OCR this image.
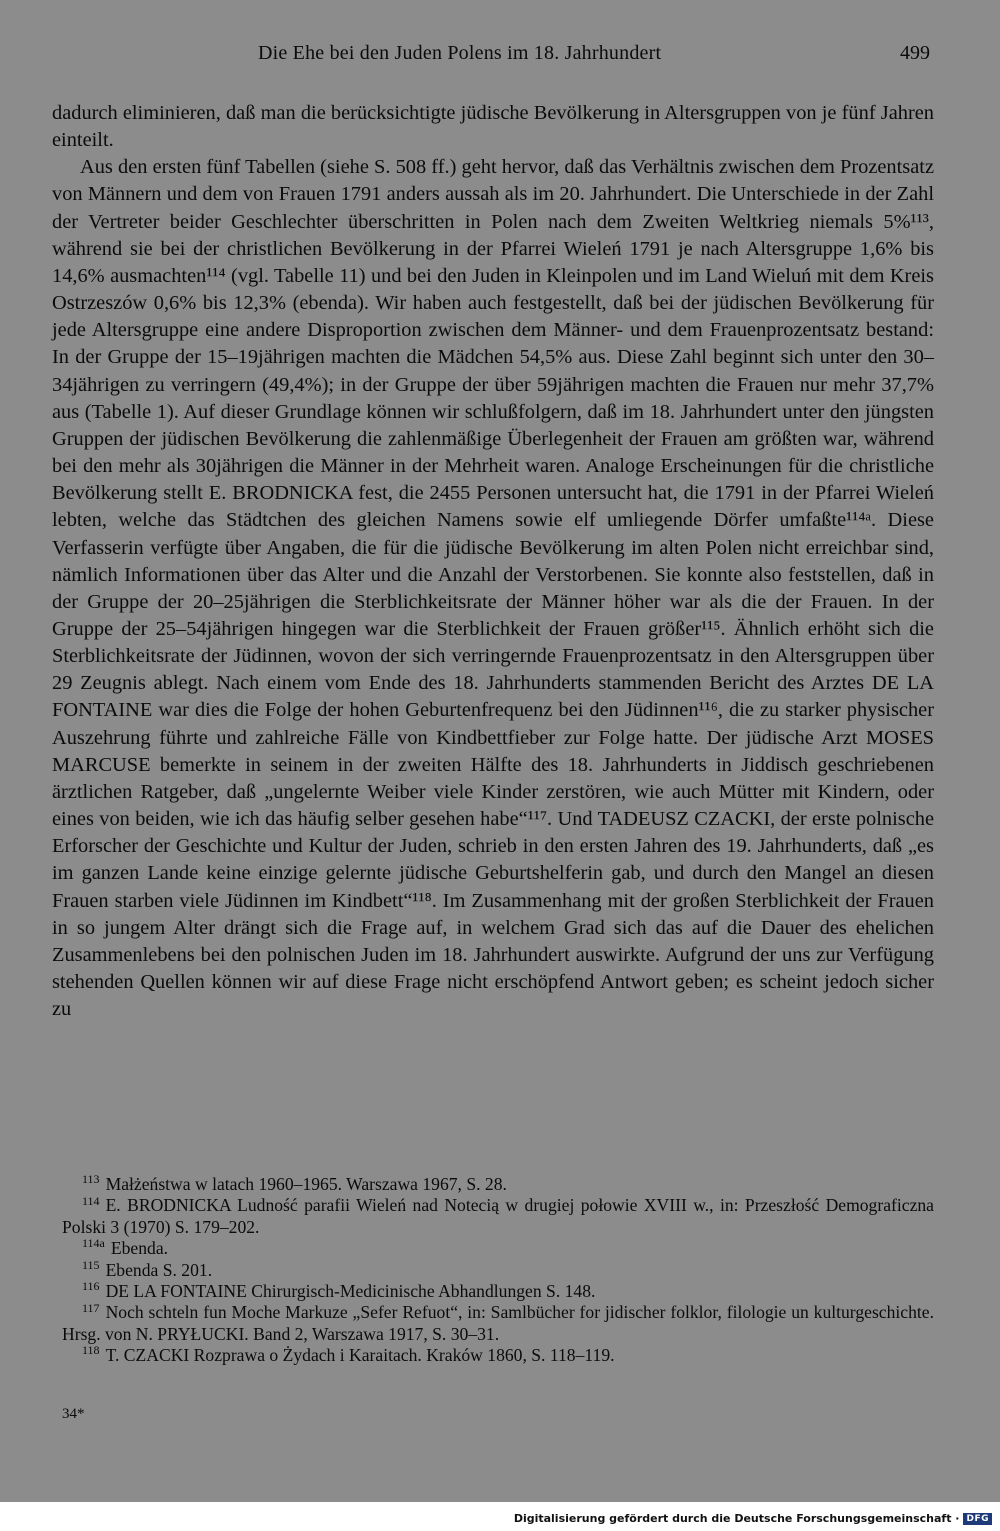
Die Ehe bei den Juden Polens im 18. Jahrhundert	499

dadurch eliminieren, daß man die berücksichtigte jüdische Bevölkerung in Altersgruppen von je fünf Jahren einteilt.

Aus den ersten fünf Tabellen (siehe S. 508 ff.) geht hervor, daß das Verhältnis zwischen dem Prozentsatz von Männern und dem von Frauen 1791 anders aussah als im 20. Jahrhundert. Die Unterschiede in der Zahl der Vertreter beider Geschlechter überschritten in Polen nach dem Zweiten Weltkrieg niemals 5%¹¹³, während sie bei der christlichen Bevölkerung in der Pfarrei Wieleń 1791 je nach Altersgruppe 1,6% bis 14,6% ausmachten¹¹⁴ (vgl. Tabelle 11) und bei den Juden in Kleinpolen und im Land Wieluń mit dem Kreis Ostrzeszów 0,6% bis 12,3% (ebenda). Wir haben auch festgestellt, daß bei der jüdischen Bevölkerung für jede Altersgruppe eine andere Disproportion zwischen dem Männer- und dem Frauenprozentsatz bestand: In der Gruppe der 15–19jährigen machten die Mädchen 54,5% aus. Diese Zahl beginnt sich unter den 30–34jährigen zu verringern (49,4%); in der Gruppe der über 59jährigen machten die Frauen nur mehr 37,7% aus (Tabelle 1). Auf dieser Grundlage können wir schlußfolgern, daß im 18. Jahrhundert unter den jüngsten Gruppen der jüdischen Bevölkerung die zahlenmäßige Überlegenheit der Frauen am größten war, während bei den mehr als 30jährigen die Männer in der Mehrheit waren. Analoge Erscheinungen für die christliche Bevölkerung stellt E. BRODNICKA fest, die 2455 Personen untersucht hat, die 1791 in der Pfarrei Wieleń lebten, welche das Städtchen des gleichen Namens sowie elf umliegende Dörfer umfaßte¹¹⁴ᵃ. Diese Verfasserin verfügte über Angaben, die für die jüdische Bevölkerung im alten Polen nicht erreichbar sind, nämlich Informationen über das Alter und die Anzahl der Verstorbenen. Sie konnte also feststellen, daß in der Gruppe der 20–25jährigen die Sterblichkeitsrate der Männer höher war als die der Frauen. In der Gruppe der 25–54jährigen hingegen war die Sterblichkeit der Frauen größer¹¹⁵. Ähnlich erhöht sich die Sterblichkeitsrate der Jüdinnen, wovon der sich verringernde Frauenprozentsatz in den Altersgruppen über 29 Zeugnis ablegt. Nach einem vom Ende des 18. Jahrhunderts stammenden Bericht des Arztes DE LA FONTAINE war dies die Folge der hohen Geburtenfrequenz bei den Jüdinnen¹¹⁶, die zu starker physischer Auszehrung führte und zahlreiche Fälle von Kindbettfieber zur Folge hatte. Der jüdische Arzt MOSES MARCUSE bemerkte in seinem in der zweiten Hälfte des 18. Jahrhunderts in Jiddisch geschriebenen ärztlichen Ratgeber, daß „ungelernte Weiber viele Kinder zerstören, wie auch Mütter mit Kindern, oder eines von beiden, wie ich das häufig selber gesehen habe“¹¹⁷. Und TADEUSZ CZACKI, der erste polnische Erforscher der Geschichte und Kultur der Juden, schrieb in den ersten Jahren des 19. Jahrhunderts, daß „es im ganzen Lande keine einzige gelernte jüdische Geburtshelferin gab, und durch den Mangel an diesen Frauen starben viele Jüdinnen im Kindbett“¹¹⁸. Im Zusammenhang mit der großen Sterblichkeit der Frauen in so jungem Alter drängt sich die Frage auf, in welchem Grad sich das auf die Dauer des ehelichen Zusammenlebens bei den polnischen Juden im 18. Jahrhundert auswirkte. Aufgrund der uns zur Verfügung stehenden Quellen können wir auf diese Frage nicht erschöpfend Antwort geben; es scheint jedoch sicher zu

$^{113}$ Małżeństwa w latach 1960–1965. Warszawa 1967, S. 28.

$^{114}$ E. BRODNICKA Ludność parafii Wieleń nad Notecią w drugiej połowie XVIII w., in: Przeszłość Demograficzna Polski 3 (1970) S. 179–202.

$^{114a}$ Ebenda.

$^{115}$ Ebenda S. 201.

$^{116}$ DE LA FONTAINE Chirurgisch-Medicinische Abhandlungen S. 148.

$^{117}$ Noch schteln fun Moche Markuze „Sefer Refuot“, in: Samlbücher for jidischer folklor, filologie un kulturgeschichte. Hrsg. von N. PRYŁUCKI. Band 2, Warszawa 1917, S. 30–31.

$^{118}$ T. CZACKI Rozprawa o Żydach i Karaitach. Kraków 1860, S. 118–119.

34*
Digitalisierung gefördert durch die Deutsche Forschungsgemeinschaft · DFG
